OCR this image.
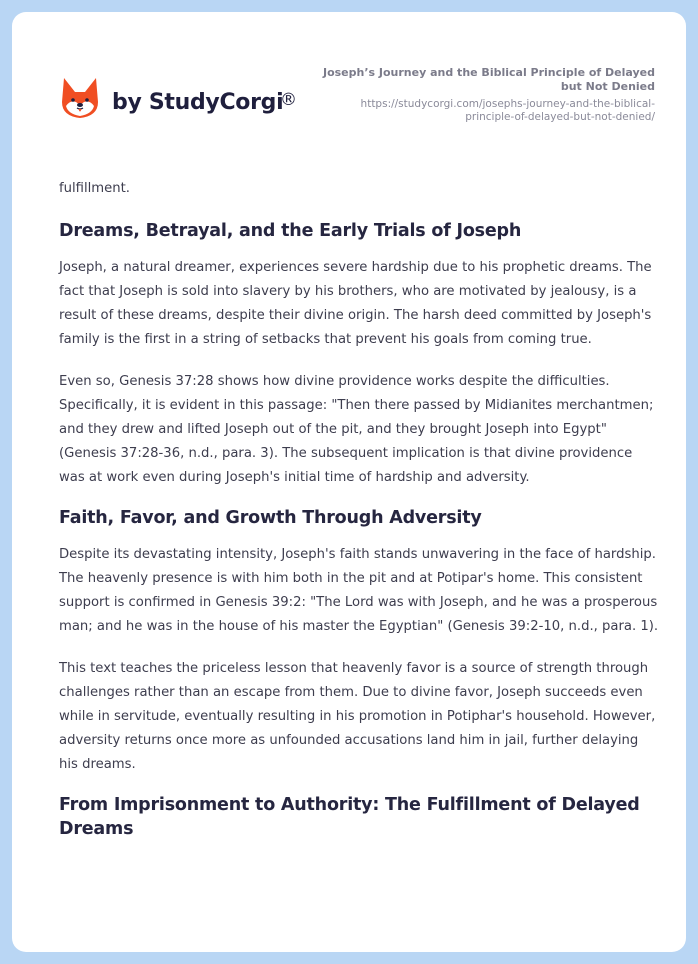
by StudyCorgi
®
Joseph’s Journey and the Biblical Principle of Delayed but Not Denied
https://studycorgi.com/josephs-journey-and-the-biblical-principle-of-delayed-but-not-denied/

fulfillment.

Dreams, Betrayal, and the Early Trials of Joseph

Joseph, a natural dreamer, experiences severe hardship due to his prophetic dreams. The fact that Joseph is sold into slavery by his brothers, who are motivated by jealousy, is a result of these dreams, despite their divine origin. The harsh deed committed by Joseph's family is the first in a string of setbacks that prevent his goals from coming true.

Even so, Genesis 37:28 shows how divine providence works despite the difficulties. Specifically, it is evident in this passage: "Then there passed by Midianites merchantmen; and they drew and lifted Joseph out of the pit, and they brought Joseph into Egypt" (Genesis 37:28-36, n.d., para. 3). The subsequent implication is that divine providence was at work even during Joseph's initial time of hardship and adversity.

Faith, Favor, and Growth Through Adversity

Despite its devastating intensity, Joseph's faith stands unwavering in the face of hardship. The heavenly presence is with him both in the pit and at Potipar's home. This consistent support is confirmed in Genesis 39:2: "The Lord was with Joseph, and he was a prosperous man; and he was in the house of his master the Egyptian" (Genesis 39:2-10, n.d., para. 1).

This text teaches the priceless lesson that heavenly favor is a source of strength through challenges rather than an escape from them. Due to divine favor, Joseph succeeds even while in servitude, eventually resulting in his promotion in Potiphar's household. However, adversity returns once more as unfounded accusations land him in jail, further delaying his dreams.

From Imprisonment to Authority: The Fulfillment of Delayed Dreams
